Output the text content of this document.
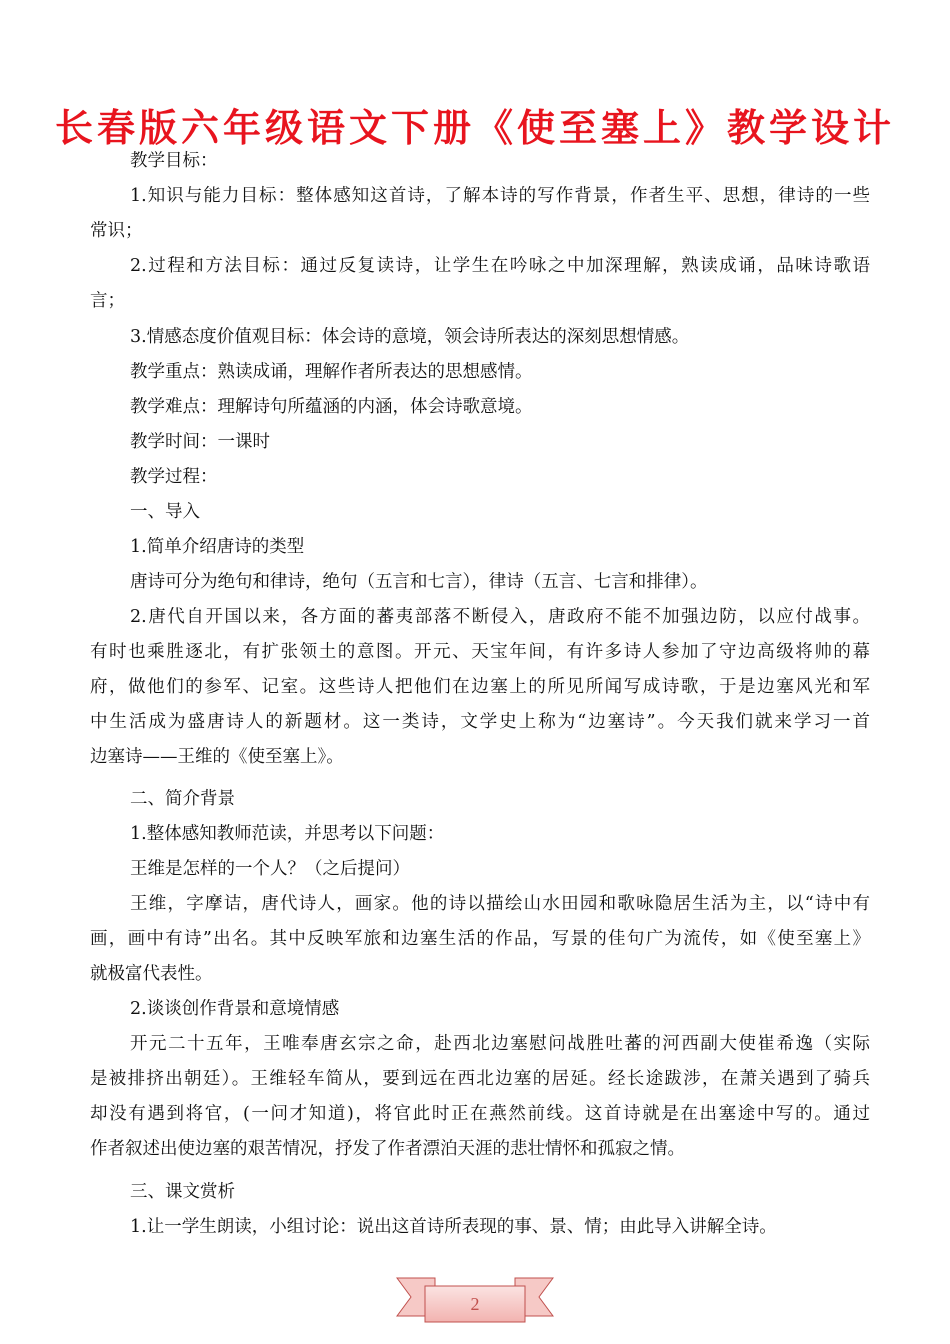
长春版六年级语文下册《使至塞上》教学设计
教学目标：
1.知识与能力目标：整体感知这首诗，了解本诗的写作背景，作者生平、思想，律诗的一些
常识；
2.过程和方法目标：通过反复读诗，让学生在吟咏之中加深理解，熟读成诵，品味诗歌语
言；
3.情感态度价值观目标：体会诗的意境，领会诗所表达的深刻思想情感。
教学重点：熟读成诵，理解作者所表达的思想感情。
教学难点：理解诗句所蕴涵的内涵，体会诗歌意境。
教学时间：一课时
教学过程：
一、导入
1.简单介绍唐诗的类型
唐诗可分为绝句和律诗，绝句（五言和七言），律诗（五言、七言和排律）。
2.唐代自开国以来，各方面的蕃夷部落不断侵入，唐政府不能不加强边防，以应付战事。
有时也乘胜逐北，有扩张领土的意图。开元、天宝年间，有许多诗人参加了守边高级将帅的幕
府，做他们的参军、记室。这些诗人把他们在边塞上的所见所闻写成诗歌，于是边塞风光和军
中生活成为盛唐诗人的新题材。这一类诗，文学史上称为“边塞诗”。今天我们就来学习一首
边塞诗——王维的《使至塞上》。
二、简介背景
1.整体感知教师范读，并思考以下问题：
王维是怎样的一个人？（之后提问）
王维，字摩诘，唐代诗人，画家。他的诗以描绘山水田园和歌咏隐居生活为主，以“诗中有
画，画中有诗”出名。其中反映军旅和边塞生活的作品，写景的佳句广为流传，如《使至塞上》
就极富代表性。
2.谈谈创作背景和意境情感
开元二十五年，王唯奉唐玄宗之命，赴西北边塞慰问战胜吐蕃的河西副大使崔希逸（实际
是被排挤出朝廷）。王维轻车简从，要到远在西北边塞的居延。经长途跋涉，在萧关遇到了骑兵
却没有遇到将官，(一问才知道)，将官此时正在燕然前线。这首诗就是在出塞途中写的。通过
作者叙述出使边塞的艰苦情况，抒发了作者漂泊天涯的悲壮情怀和孤寂之情。
三、课文赏析
1.让一学生朗读，小组讨论：说出这首诗所表现的事、景、情；由此导入讲解全诗。
2
